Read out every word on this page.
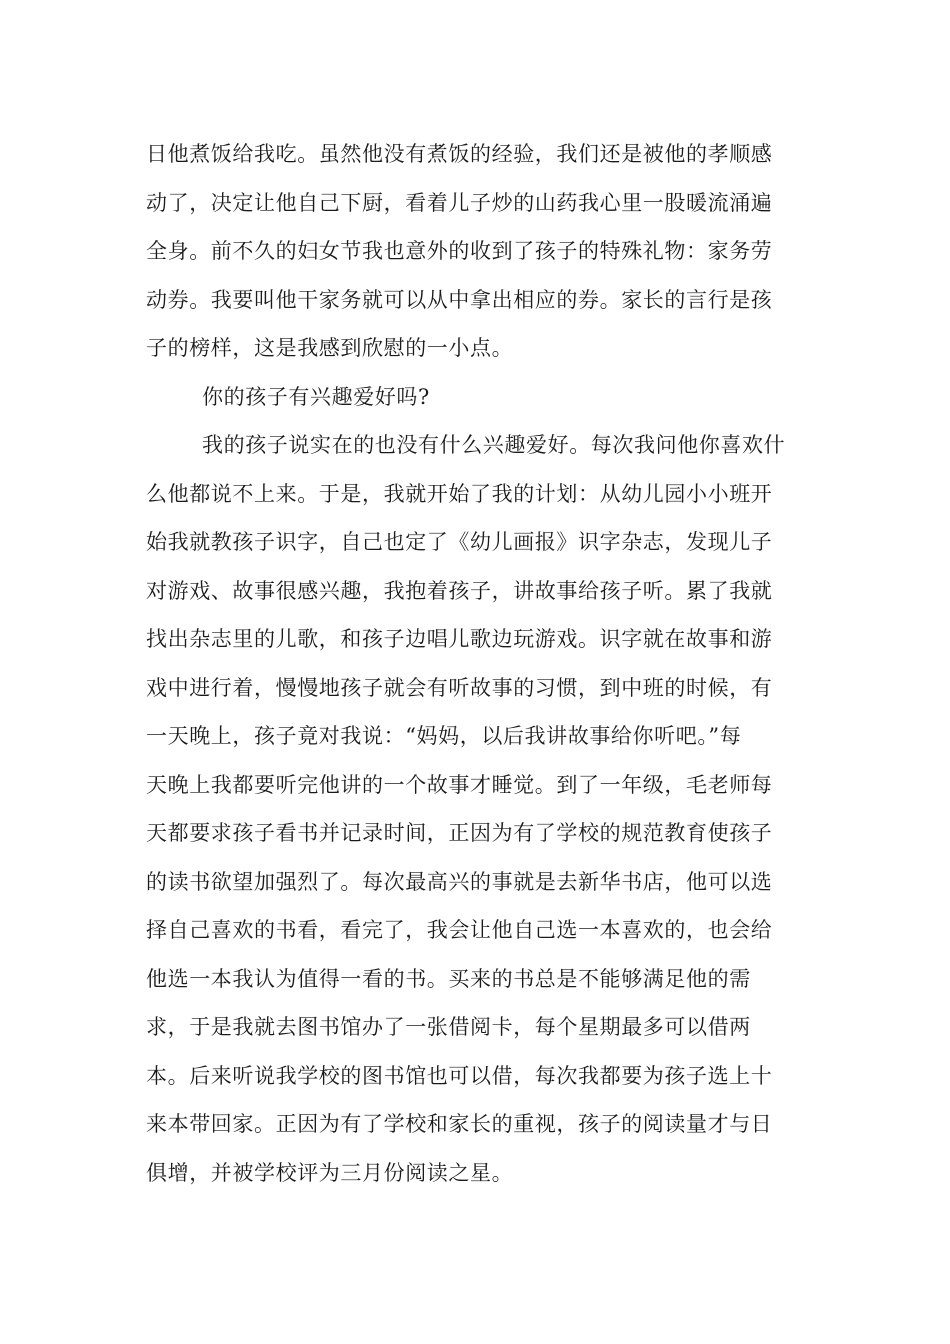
日他煮饭给我吃。虽然他没有煮饭的经验，我们还是被他的孝顺感
动了，决定让他自己下厨，看着儿子炒的山药我心里一股暖流涌遍
全身。前不久的妇女节我也意外的收到了孩子的特殊礼物：家务劳
动券。我要叫他干家务就可以从中拿出相应的券。家长的言行是孩
子的榜样，这是我感到欣慰的一小点。
你的孩子有兴趣爱好吗?
我的孩子说实在的也没有什么兴趣爱好。每次我问他你喜欢什
么他都说不上来。于是，我就开始了我的计划：从幼儿园小小班开
始我就教孩子识字，自己也定了《幼儿画报》识字杂志，发现儿子
对游戏、故事很感兴趣，我抱着孩子，讲故事给孩子听。累了我就
找出杂志里的儿歌，和孩子边唱儿歌边玩游戏。识字就在故事和游
戏中进行着，慢慢地孩子就会有听故事的习惯，到中班的时候，有
一天晚上，孩子竟对我说：“妈妈，以后我讲故事给你听吧。”每
天晚上我都要听完他讲的一个故事才睡觉。到了一年级，毛老师每
天都要求孩子看书并记录时间，正因为有了学校的规范教育使孩子
的读书欲望加强烈了。每次最高兴的事就是去新华书店，他可以选
择自己喜欢的书看，看完了，我会让他自己选一本喜欢的，也会给
他选一本我认为值得一看的书。买来的书总是不能够满足他的需
求，于是我就去图书馆办了一张借阅卡，每个星期最多可以借两
本。后来听说我学校的图书馆也可以借，每次我都要为孩子选上十
来本带回家。正因为有了学校和家长的重视，孩子的阅读量才与日
俱增，并被学校评为三月份阅读之星。
